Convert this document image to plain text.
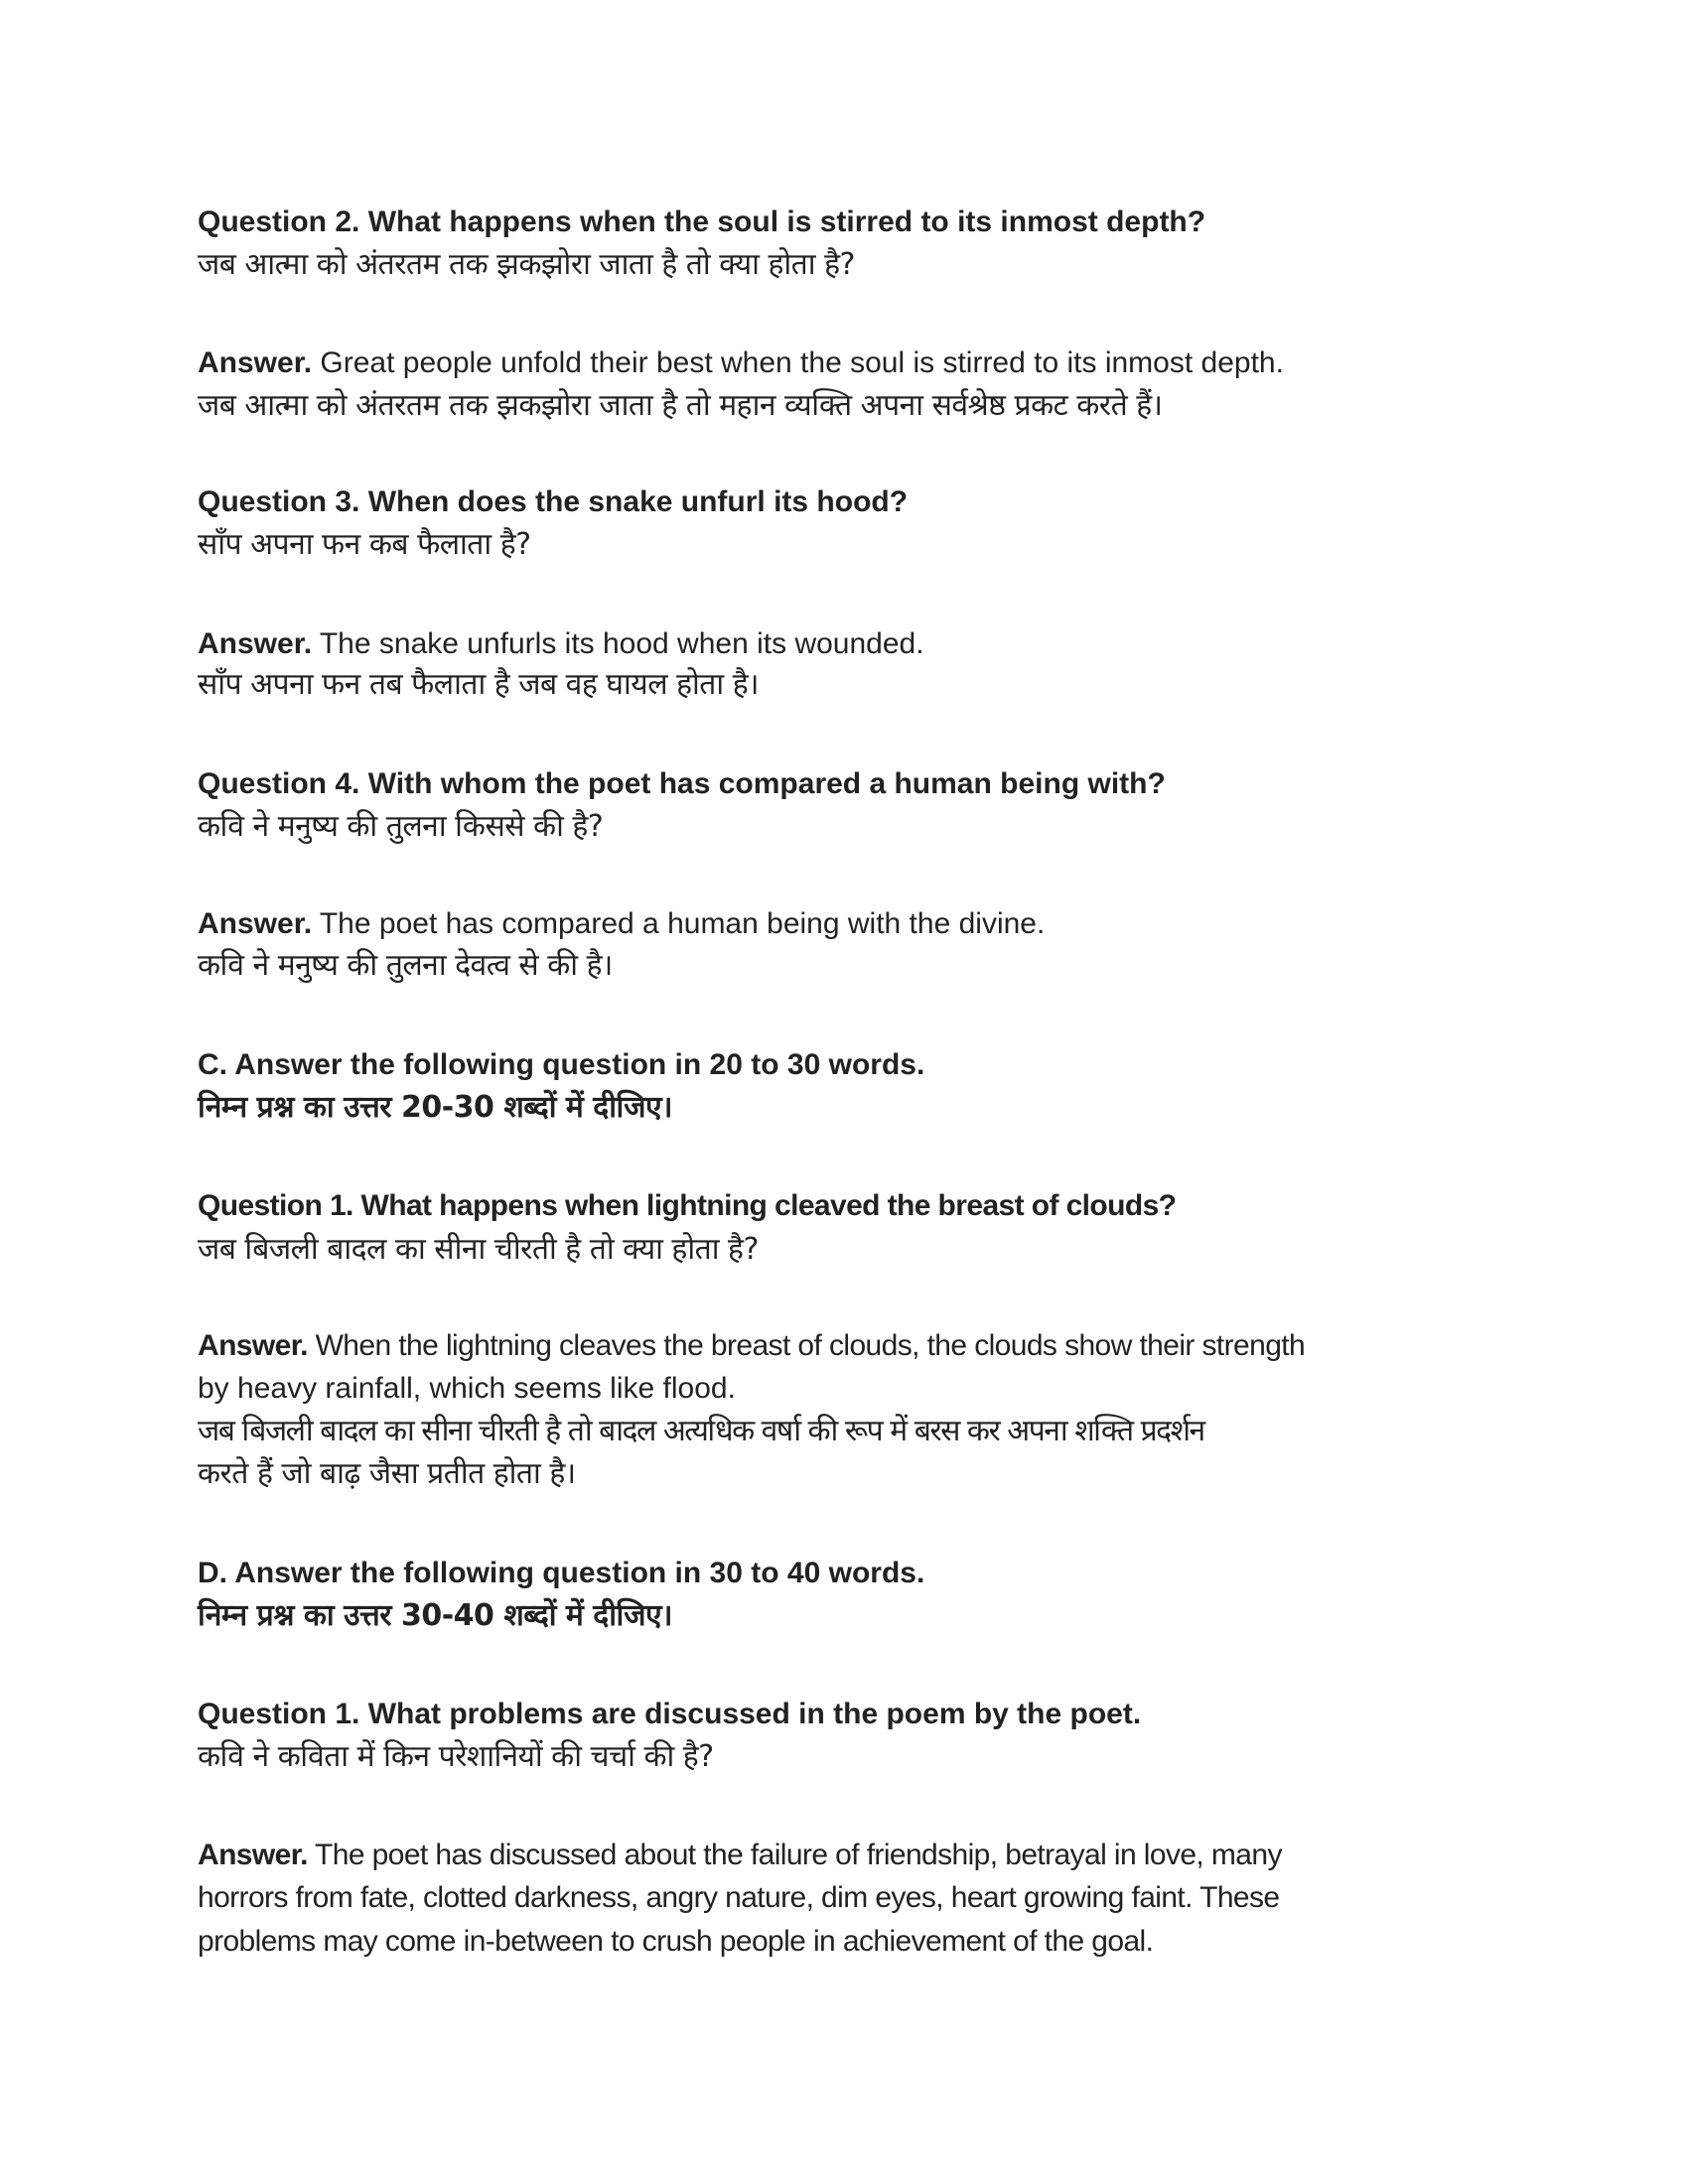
Question 2. What happens when the soul is stirred to its inmost depth?
जब आत्मा को अंतरतम तक झकझोरा जाता है तो क्या होता है?
Answer. Great people unfold their best when the soul is stirred to its inmost depth.
जब आत्मा को अंतरतम तक झकझोरा जाता है तो महान व्यक्ति अपना सर्वश्रेष्ठ प्रकट करते हैं।
Question 3. When does the snake unfurl its hood?
साँप अपना फन कब फैलाता है?
Answer. The snake unfurls its hood when its wounded.
साँप अपना फन तब फैलाता है जब वह घायल होता है।
Question 4. With whom the poet has compared a human being with?
कवि ने मनुष्य की तुलना किससे की है?
Answer. The poet has compared a human being with the divine.
कवि ने मनुष्य की तुलना देवत्व से की है।
C. Answer the following question in 20 to 30 words.
निम्न प्रश्न का उत्तर 20-30 शब्दों में दीजिए।
Question 1. What happens when lightning cleaved the breast of clouds?
जब बिजली बादल का सीना चीरती है तो क्या होता है?
Answer. When the lightning cleaves the breast of clouds, the clouds show their strength
by heavy rainfall, which seems like flood.
जब बिजली बादल का सीना चीरती है तो बादल अत्यधिक वर्षा की रूप में बरस कर अपना शक्ति प्रदर्शन
करते हैं जो बाढ़ जैसा प्रतीत होता है।
D. Answer the following question in 30 to 40 words.
निम्न प्रश्न का उत्तर 30-40 शब्दों में दीजिए।
Question 1. What problems are discussed in the poem by the poet.
कवि ने कविता में किन परेशानियों की चर्चा की है?
Answer. The poet has discussed about the failure of friendship, betrayal in love, many
horrors from fate, clotted darkness, angry nature, dim eyes, heart growing faint. These
problems may come in-between to crush people in achievement of the goal.
